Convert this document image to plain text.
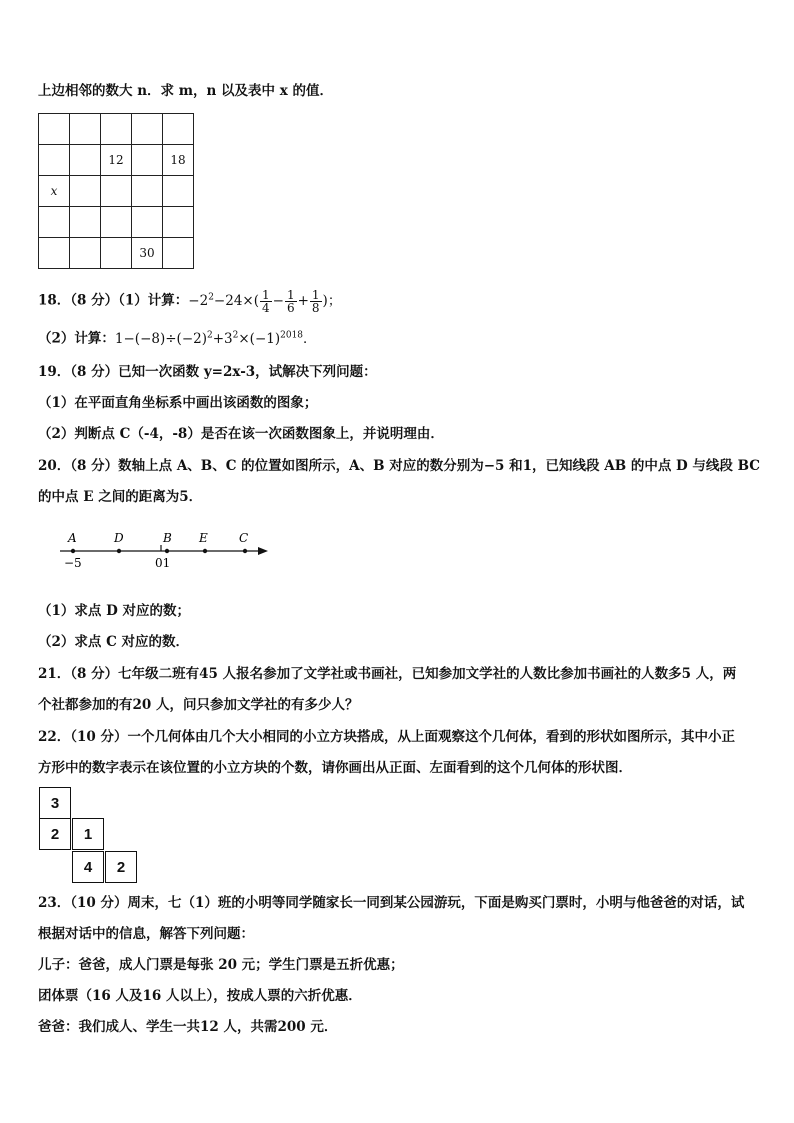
上边相邻的数大 n．求 m，n 以及表中 x 的值．

		12		18
x				

			30	
18．（8 分）（1）计算：$-2^2-24\times( \frac{1}{4} - \frac{1}{6} + \frac{1}{8}$ )；
（2）计算：$1-(-8)\div(-2)^2+3^2\times(-1)^{2018}$．
19．（8 分）已知一次函数 y=2x-3，试解决下列问题：
（1）在平面直角坐标系中画出该函数的图象；
（2）判断点 C（-4，-8）是否在该一次函数图象上，并说明理由．
20．（8 分）数轴上点 A、B、C 的位置如图所示，A、B 对应的数分别为−5 和1，已知线段 AB 的中点 D 与线段 BC
的中点 E 之间的距离为5．
A	D	B E	C
−5	01
（1）求点 D 对应的数；
（2）求点 C 对应的数．
21．（8 分）七年级二班有45 人报名参加了文学社或书画社，已知参加文学社的人数比参加书画社的人数多5 人，两
个社都参加的有20 人，问只参加文学社的有多少人？
22．（10 分）一个几何体由几个大小相同的小立方块搭成，从上面观察这个几何体，看到的形状如图所示，其中小正
方形中的数字表示在该位置的小立方块的个数，请你画出从正面、左面看到的这个几何体的形状图．
3
2	1
4	2
23．（10 分）周末，七（1）班的小明等同学随家长一同到某公园游玩，下面是购买门票时，小明与他爸爸的对话，试
根据对话中的信息，解答下列问题：
儿子：爸爸，成人门票是每张 20 元；学生门票是五折优惠；
团体票（16 人及16 人以上），按成人票的六折优惠．
爸爸：我们成人、学生一共12 人，共需200 元．
